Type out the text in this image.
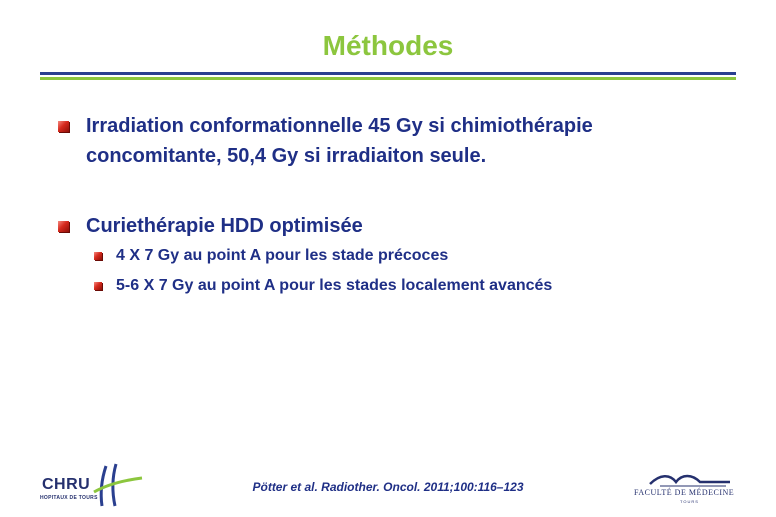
Méthodes
Irradiation conformationnelle 45 Gy si chimiothérapie
concomitante, 50,4 Gy si irradiaiton seule.
Curiethérapie HDD optimisée
4 X 7 Gy au point A pour les stade précoces
5-6 X 7 Gy au point A pour les stades localement avancés
Pötter et al. Radiother. Oncol. 2011;100:116–123
CHRU
HOPITAUX DE TOURS
FACULTÉ DE MÉDECINE
TOURS
